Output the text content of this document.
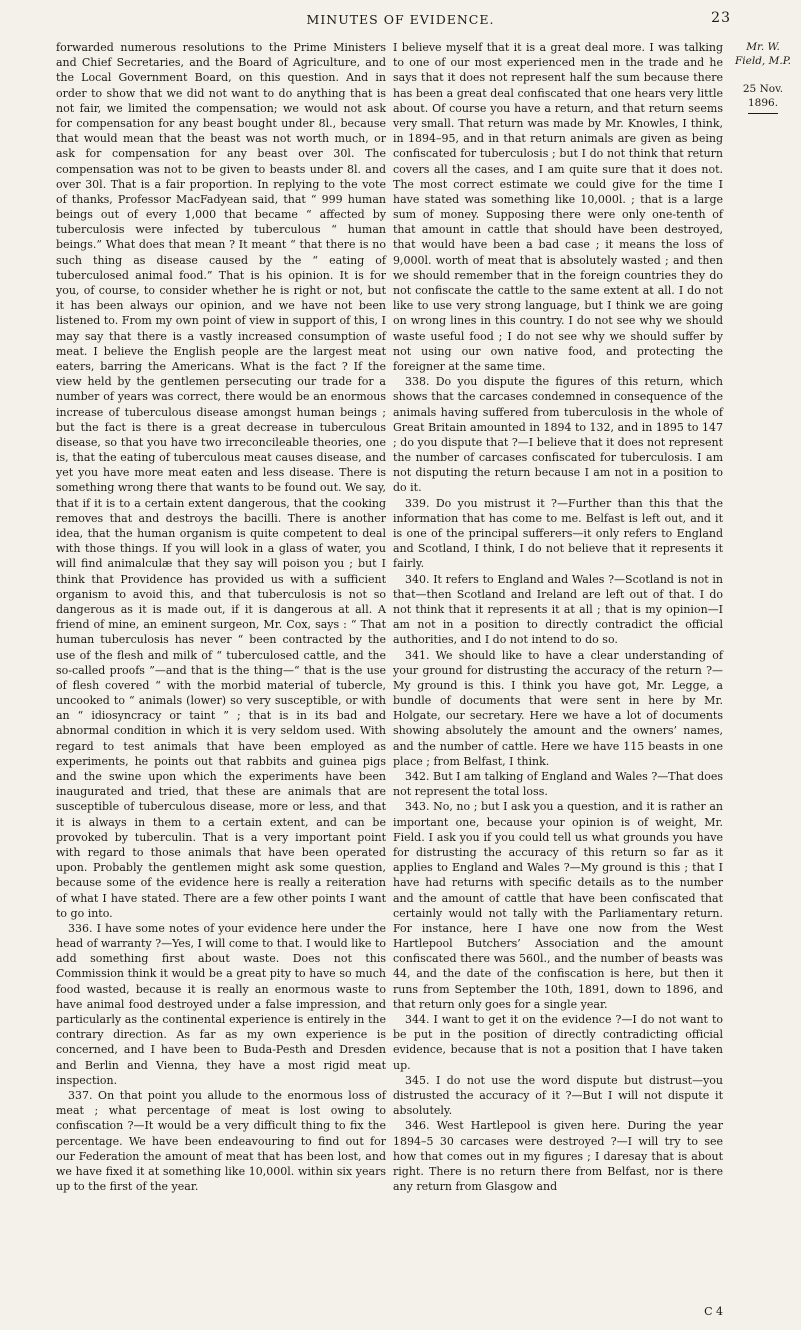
MINUTES OF EVIDENCE.	23

forwarded numerous resolutions to the Prime Ministers and Chief Secretaries, and the Board of Agriculture, and the Local Government Board, on this question. And in order to show that we did not want to do anything that is not fair, we limited the compensation; we would not ask for compensation for any beast bought under 8l., because that would mean that the beast was not worth much, or ask for compensation for any beast over 30l. The compensation was not to be given to beasts under 8l. and over 30l. That is a fair proportion. In replying to the vote of thanks, Professor MacFadyean said, that “ 999 human beings out of every 1,000 that became “ affected by tuberculosis were infected by tuberculous “ human beings.” What does that mean ? It meant “ that there is no such thing as disease caused by the “ eating of tuberculosed animal food.” That is his opinion. It is for you, of course, to consider whether he is right or not, but it has been always our opinion, and we have not been listened to. From my own point of view in support of this, I may say that there is a vastly increased consumption of meat. I believe the English people are the largest meat eaters, barring the Americans. What is the fact ? If the view held by the gentlemen persecuting our trade for a number of years was correct, there would be an enormous increase of tuberculous disease amongst human beings ; but the fact is there is a great decrease in tuberculous disease, so that you have two irreconcileable theories, one is, that the eating of tuberculous meat causes disease, and yet you have more meat eaten and less disease. There is something wrong there that wants to be found out. We say, that if it is to a certain extent dangerous, that the cooking removes that and destroys the bacilli. There is another idea, that the human organism is quite competent to deal with those things. If you will look in a glass of water, you will find animalculæ that they say will poison you ; but I think that Providence has provided us with a sufficient organism to avoid this, and that tuberculosis is not so dangerous as it is made out, if it is dangerous at all. A friend of mine, an eminent surgeon, Mr. Cox, says : “ That human tuberculosis has never “ been contracted by the use of the flesh and milk of “ tuberculosed cattle, and the so-called proofs ”—and that is the thing—“ that is the use of flesh covered “ with the morbid material of tubercle, uncooked to “ animals (lower) so very susceptible, or with an “ idiosyncracy or taint ” ; that is in its bad and abnormal condition in which it is very seldom used. With regard to test animals that have been employed as experiments, he points out that rabbits and guinea pigs and the swine upon which the experiments have been inaugurated and tried, that these are animals that are susceptible of tuberculous disease, more or less, and that it is always in them to a certain extent, and can be provoked by tuberculin. That is a very important point with regard to those animals that have been operated upon. Probably the gentlemen might ask some question, because some of the evidence here is really a reiteration of what I have stated. There are a few other points I want to go into.

336. I have some notes of your evidence here under the head of warranty ?—Yes, I will come to that. I would like to add something first about waste. Does not this Commission think it would be a great pity to have so much food wasted, because it is really an enormous waste to have animal food destroyed under a false impression, and particularly as the continental experience is entirely in the contrary direction. As far as my own experience is concerned, and I have been to Buda-Pesth and Dresden and Berlin and Vienna, they have a most rigid meat inspection.

337. On that point you allude to the enormous loss of meat ; what percentage of meat is lost owing to confiscation ?—It would be a very difficult thing to fix the percentage. We have been endeavouring to find out for our Federation the amount of meat that has been lost, and we have fixed it at something like 10,000l. within six years up to the first of the year.

I believe myself that it is a great deal more. I was talking to one of our most experienced men in the trade and he says that it does not represent half the sum because there has been a great deal confiscated that one hears very little about. Of course you have a return, and that return seems very small. That return was made by Mr. Knowles, I think, in 1894–95, and in that return animals are given as being confiscated for tuberculosis ; but I do not think that return covers all the cases, and I am quite sure that it does not. The most correct estimate we could give for the time I have stated was something like 10,000l. ; that is a large sum of money. Supposing there were only one-tenth of that amount in cattle that should have been destroyed, that would have been a bad case ; it means the loss of 9,000l. worth of meat that is absolutely wasted ; and then we should remember that in the foreign countries they do not confiscate the cattle to the same extent at all. I do not like to use very strong language, but I think we are going on wrong lines in this country. I do not see why we should waste useful food ; I do not see why we should suffer by not using our own native food, and protecting the foreigner at the same time.

338. Do you dispute the figures of this return, which shows that the carcases condemned in consequence of the animals having suffered from tuberculosis in the whole of Great Britain amounted in 1894 to 132, and in 1895 to 147 ; do you dispute that ?—I believe that it does not represent the number of carcases confiscated for tuberculosis. I am not disputing the return because I am not in a position to do it.

339. Do you mistrust it ?—Further than this that the information that has come to me. Belfast is left out, and it is one of the principal sufferers—it only refers to England and Scotland, I think, I do not believe that it represents it fairly.

340. It refers to England and Wales ?—Scotland is not in that—then Scotland and Ireland are left out of that. I do not think that it represents it at all ; that is my opinion—I am not in a position to directly contradict the official authorities, and I do not intend to do so.

341. We should like to have a clear understanding of your ground for distrusting the accuracy of the return ?—My ground is this. I think you have got, Mr. Legge, a bundle of documents that were sent in here by Mr. Holgate, our secretary. Here we have a lot of documents showing absolutely the amount and the owners’ names, and the number of cattle. Here we have 115 beasts in one place ; from Belfast, I think.

342. But I am talking of England and Wales ?—That does not represent the total loss.

343. No, no ; but I ask you a question, and it is rather an important one, because your opinion is of weight, Mr. Field. I ask you if you could tell us what grounds you have for distrusting the accuracy of this return so far as it applies to England and Wales ?—My ground is this ; that I have had returns with specific details as to the number and the amount of cattle that have been confiscated that certainly would not tally with the Parliamentary return. For instance, here I have one now from the West Hartlepool Butchers’ Association and the amount confiscated there was 560l., and the number of beasts was 44, and the date of the confiscation is here, but then it runs from September the 10th, 1891, down to 1896, and that return only goes for a single year.

344. I want to get it on the evidence ?—I do not want to be put in the position of directly contradicting official evidence, because that is not a position that I have taken up.

345. I do not use the word dispute but distrust—you distrusted the accuracy of it ?—But I will not dispute it absolutely.

346. West Hartlepool is given here. During the year 1894–5 30 carcases were destroyed ?—I will try to see how that comes out in my figures ; I daresay that is about right. There is no return there from Belfast, nor is there any return from Glasgow and

Mr. W. Field, M.P.
25 Nov. 1896.
C 4
